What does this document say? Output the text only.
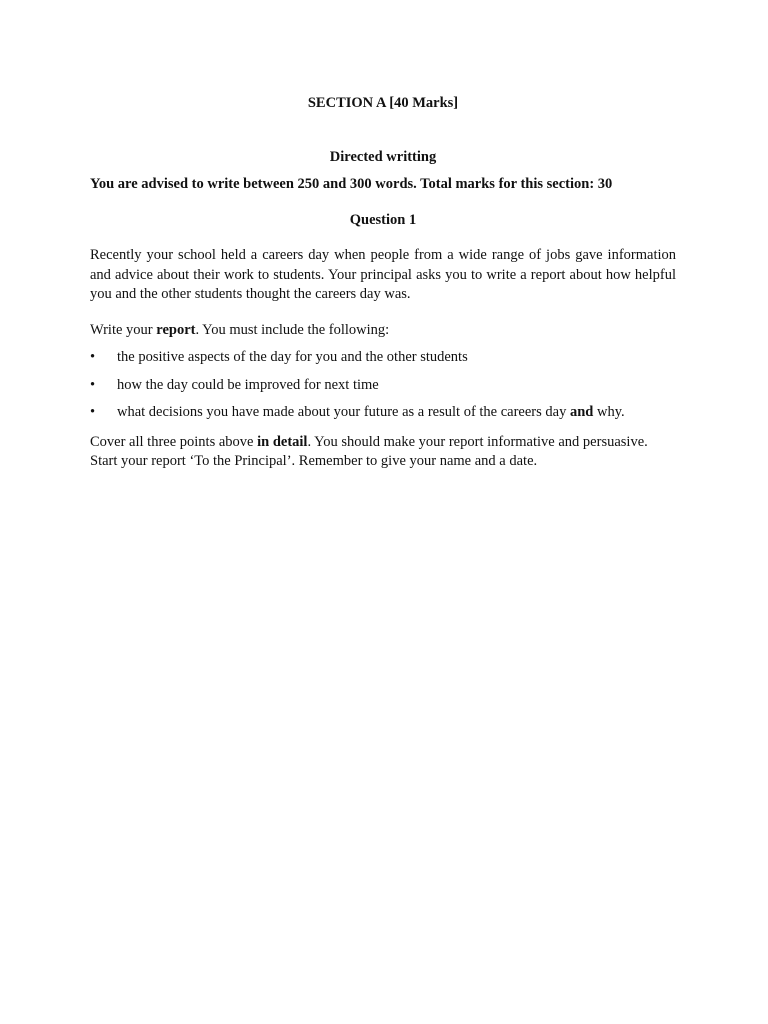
SECTION A [40 Marks]

Directed writting

You are advised to write between 250 and 300 words. Total marks for this section: 30

Question 1

Recently your school held a careers day when people from a wide range of jobs gave information and advice about their work to students. Your principal asks you to write a report about how helpful you and the other students thought the careers day was.

Write your report. You must include the following:

• the positive aspects of the day for you and the other students
• how the day could be improved for next time
• what decisions you have made about your future as a result of the careers day and why.

Cover all three points above in detail. You should make your report informative and persuasive.
Start your report ‘To the Principal’. Remember to give your name and a date.
